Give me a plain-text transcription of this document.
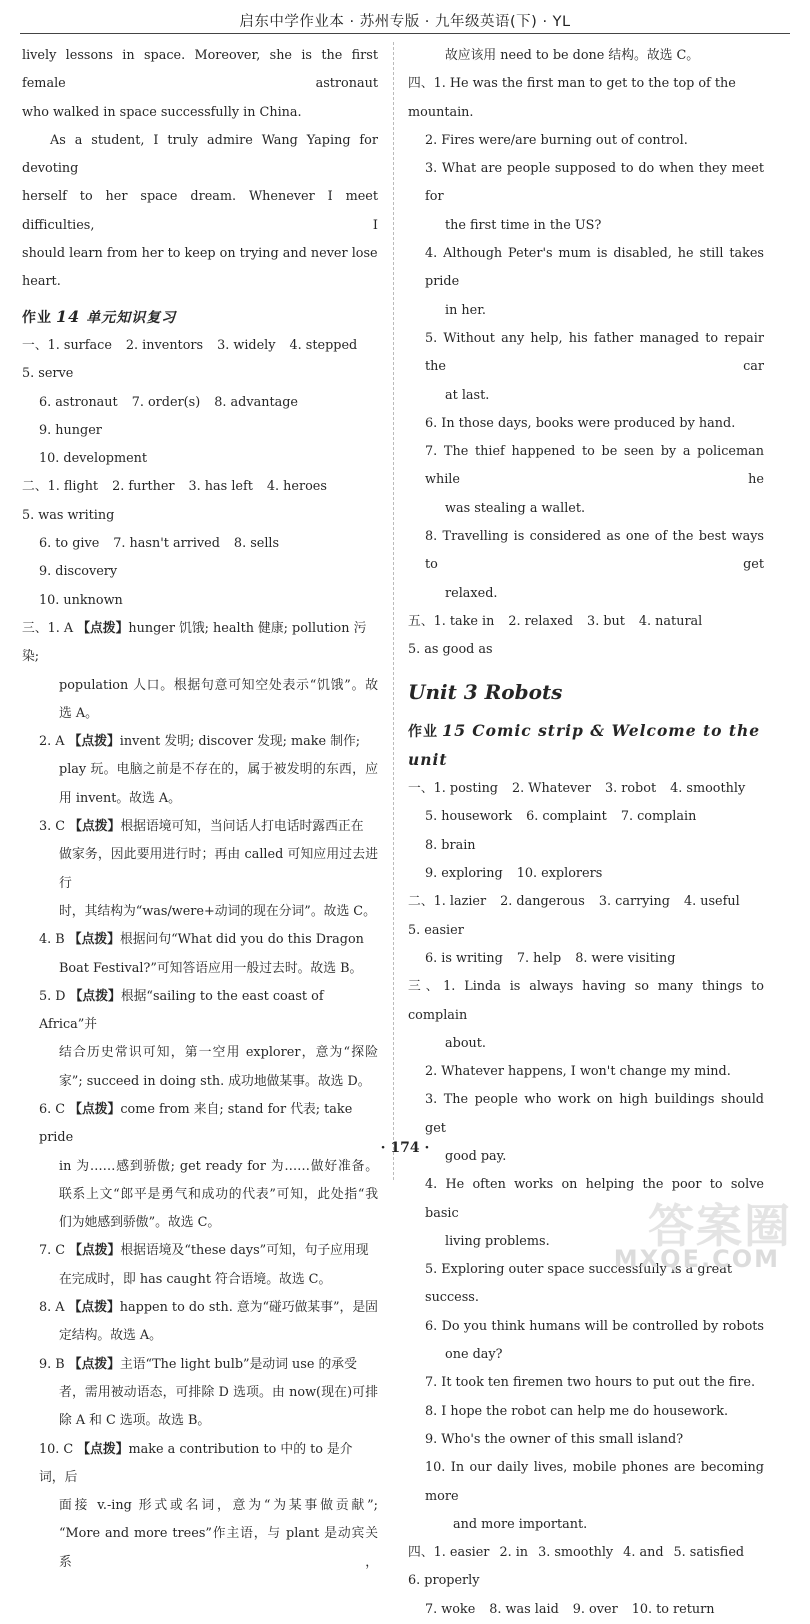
启东中学作业本 · 苏州专版 · 九年级英语(下) · YL

lively lessons in space. Moreover, she is the first female astronaut

who walked in space successfully in China.

As a student, I truly admire Wang Yaping for devoting

herself to her space dream. Whenever I meet difficulties, I

should learn from her to keep on trying and never lose heart.

作业 14 单元知识复习

一、1. surface 2. inventors 3. widely 4. stepped5. serve

6. astronaut 7. order(s) 8. advantage9. hunger

10. development

二、1. flight 2. further 3. has left 4. heroes5. was writing

6. to give 7. hasn't arrived 8. sells9. discovery

10. unknown

三、1. A 【点拨】hunger 饥饿; health 健康; pollution 污染;

population 人口。根据句意可知空处表示“饥饿”。故

选 A。

2. A 【点拨】invent 发明; discover 发现; make 制作;

play 玩。电脑之前是不存在的，属于被发明的东西，应

用 invent。故选 A。

3. C 【点拨】根据语境可知，当问话人打电话时露西正在

做家务，因此要用进行时；再由 called 可知应用过去进行

时，其结构为“was/were+动词的现在分词”。故选 C。

4. B 【点拨】根据问句“What did you do this Dragon

Boat Festival?”可知答语应用一般过去时。故选 B。

5. D 【点拨】根据“sailing to the east coast of Africa”并

结合历史常识可知，第一空用 explorer，意为“探险

家”; succeed in doing sth. 成功地做某事。故选 D。

6. C 【点拨】come from 来自; stand for 代表; take pride

in 为……感到骄傲; get ready for 为……做好准备。

联系上文“郎平是勇气和成功的代表”可知，此处指“我

们为她感到骄傲”。故选 C。

7. C 【点拨】根据语境及“these days”可知，句子应用现

在完成时，即 has caught 符合语境。故选 C。

8. A 【点拨】happen to do sth. 意为“碰巧做某事”，是固

定结构。故选 A。

9. B 【点拨】主语“The light bulb”是动词 use 的承受

者，需用被动语态，可排除 D 选项。由 now(现在)可排

除 A 和 C 选项。故选 B。

10. C 【点拨】make a contribution to 中的 to 是介词，后

面接 v.-ing 形式或名词，意为“为某事做贡献”;

“More and more trees”作主语，与 plant 是动宾关系，

故应该用 need to be done 结构。故选 C。

四、1. He was the first man to get to the top of the mountain.

2. Fires were/are burning out of control.

3. What are people supposed to do when they meet for

the first time in the US?

4. Although Peter's mum is disabled, he still takes pride

in her.

5. Without any help, his father managed to repair the car

at last.

6. In those days, books were produced by hand.

7. The thief happened to be seen by a policeman while he

was stealing a wallet.

8. Travelling is considered as one of the best ways to get

relaxed.

五、1. take in 2. relaxed 3. but 4. natural5. as good as

Unit 3 Robots
作业 15 Comic strip & Welcome to the unit

一、1. posting 2. Whatever 3. robot 4. smoothly

5. housework 6. complaint 7. complain8. brain

9. exploring 10. explorers

二、1. lazier 2. dangerous 3. carrying 4. useful5. easier

6. is writing 7. help 8. were visiting

三、1. Linda is always having so many things to complain

about.

2. Whatever happens, I won't change my mind.

3. The people who work on high buildings should get

good pay.

4. He often works on helping the poor to solve basic

living problems.

5. Exploring outer space successfully is a great success.

6. Do you think humans will be controlled by robots

one day?

7. It took ten firemen two hours to put out the fire.

8. I hope the robot can help me do housework.

9. Who's the owner of this small island?

10. In our daily lives, mobile phones are becoming more

and more important.

四、1. easier 2. in 3. smoothly 4. and 5. satisfied6. properly

7. woke 8. was laid 9. over 10. to return

· 174 ·
答案圈
MXQE.COM
